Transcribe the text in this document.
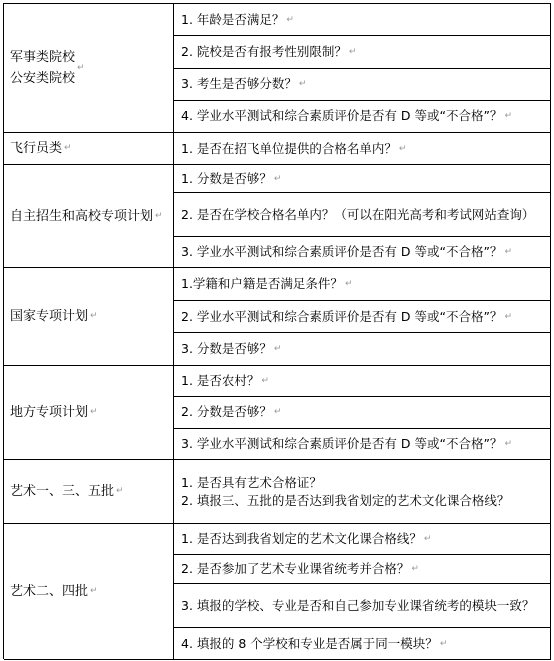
军事类院校
公安类院校
↵
1. 年龄是否满足？ ↵
2. 院校是否有报考性别限制？ ↵
3. 考生是否够分数？ ↵
4. 学业水平测试和综合素质评价是否有 D 等或“不合格”？ ↵
飞行员类 ↵	1. 是否在招飞单位提供的合格名单内？ ↵
自主招生和高校专项计划 ↵
1. 分数是否够？ ↵
2. 是否在学校合格名单内？（可以在阳光高考和考试网站查询）
3. 学业水平测试和综合素质评价是否有 D 等或“不合格”？ ↵
国家专项计划 ↵
1.学籍和户籍是否满足条件？ ↵
2. 学业水平测试和综合素质评价是否有 D 等或“不合格”？ ↵
3. 分数是否够？ ↵
地方专项计划 ↵
1. 是否农村？ ↵
2. 分数是否够？ ↵
3. 学业水平测试和综合素质评价是否有 D 等或“不合格”？ ↵
艺术一、三、五批 ↵
1. 是否具有艺术合格证？
2. 填报三、五批的是否达到我省划定的艺术文化课合格线？
艺术二、四批 ↵
1. 是否达到我省划定的艺术文化课合格线？ ↵
2. 是否参加了艺术专业课省统考并合格？ ↵
3. 填报的学校、专业是否和自己参加专业课省统考的模块一致？
4. 填报的 8 个学校和专业是否属于同一模块？ ↵
